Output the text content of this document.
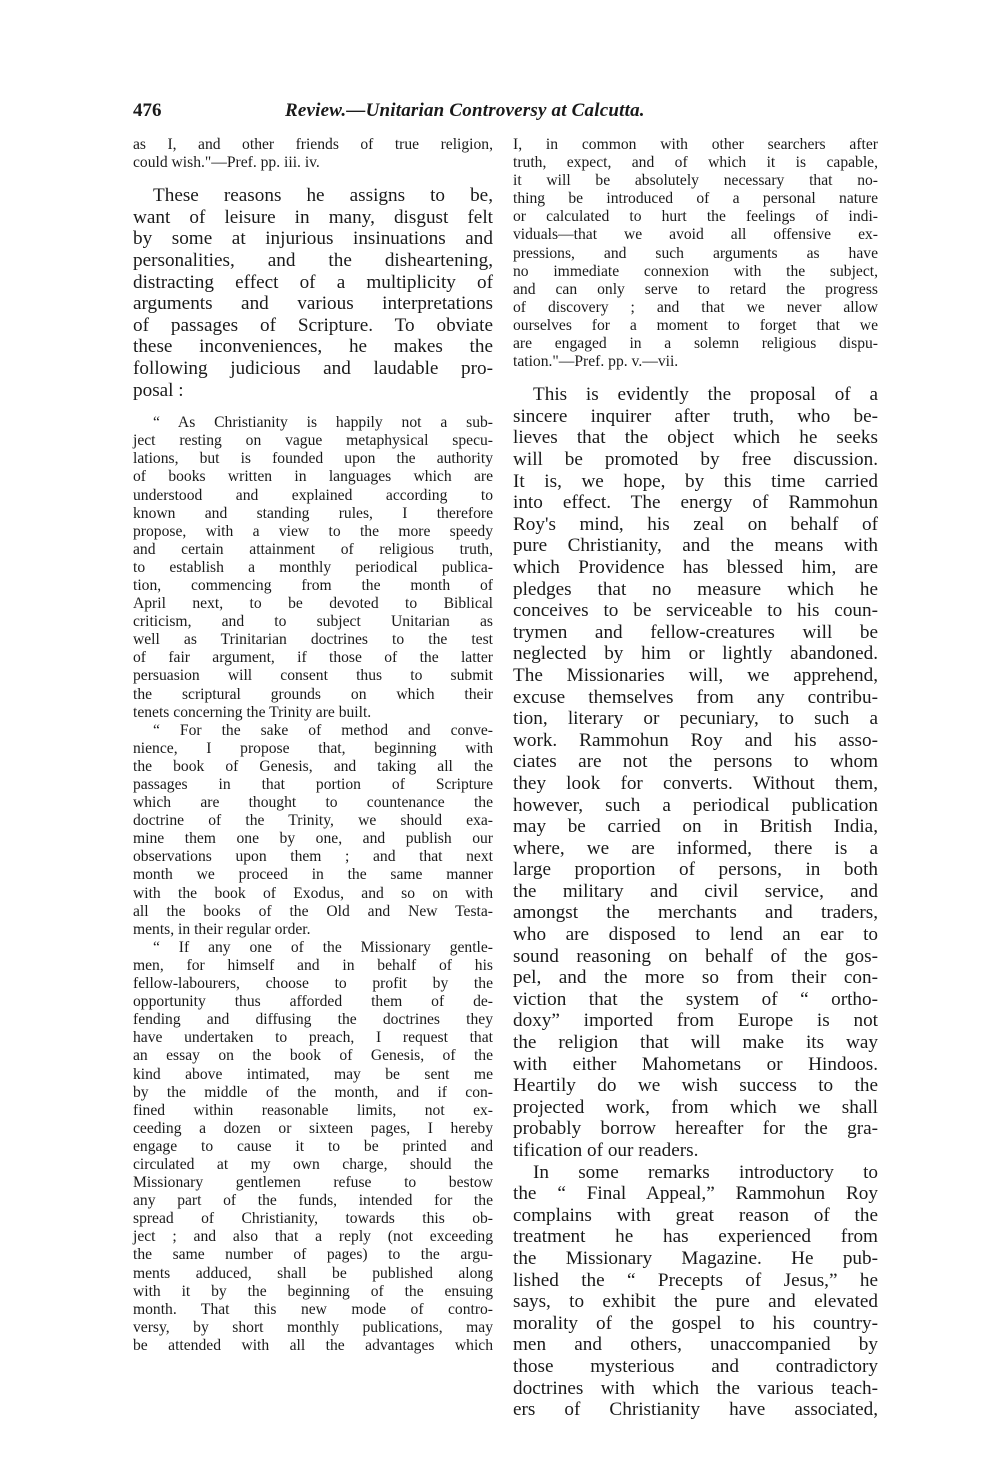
476	Review.—Unitarian Controversy at Calcutta.

as I, and other friends of true religion,
could wish."—Pref. pp. iii. iv.

These reasons he assigns to be,
want of leisure in many, disgust felt
by some at injurious insinuations and
personalities, and the disheartening,
distracting effect of a multiplicity of
arguments and various interpretations
of passages of Scripture. To obviate
these inconveniences, he makes the
following judicious and laudable pro-
posal :

“ As Christianity is happily not a sub-
ject resting on vague metaphysical specu-
lations, but is founded upon the authority
of books written in languages which are
understood and explained according to
known and standing rules, I therefore
propose, with a view to the more speedy
and certain attainment of religious truth,
to establish a monthly periodical publica-
tion, commencing from the month of
April next, to be devoted to Biblical
criticism, and to subject Unitarian as
well as Trinitarian doctrines to the test
of fair argument, if those of the latter
persuasion will consent thus to submit
the scriptural grounds on which their
tenets concerning the Trinity are built.

“ For the sake of method and conve-
nience, I propose that, beginning with
the book of Genesis, and taking all the
passages in that portion of Scripture
which are thought to countenance the
doctrine of the Trinity, we should exa-
mine them one by one, and publish our
observations upon them ; and that next
month we proceed in the same manner
with the book of Exodus, and so on with
all the books of the Old and New Testa-
ments, in their regular order.

“ If any one of the Missionary gentle-
men, for himself and in behalf of his
fellow-labourers, choose to profit by the
opportunity thus afforded them of de-
fending and diffusing the doctrines they
have undertaken to preach, I request that
an essay on the book of Genesis, of the
kind above intimated, may be sent me
by the middle of the month, and if con-
fined within reasonable limits, not ex-
ceeding a dozen or sixteen pages, I hereby
engage to cause it to be printed and
circulated at my own charge, should the
Missionary gentlemen refuse to bestow
any part of the funds, intended for the
spread of Christianity, towards this ob-
ject ; and also that a reply (not exceeding
the same number of pages) to the argu-
ments adduced, shall be published along
with it by the beginning of the ensuing
month. That this new mode of contro-
versy, by short monthly publications, may
be attended with all the advantages which

I, in common with other searchers after
truth, expect, and of which it is capable,
it will be absolutely necessary that no-
thing be introduced of a personal nature
or calculated to hurt the feelings of indi-
viduals—that we avoid all offensive ex-
pressions, and such arguments as have
no immediate connexion with the subject,
and can only serve to retard the progress
of discovery ; and that we never allow
ourselves for a moment to forget that we
are engaged in a solemn religious dispu-
tation."—Pref. pp. v.—vii.

This is evidently the proposal of a
sincere inquirer after truth, who be-
lieves that the object which he seeks
will be promoted by free discussion.
It is, we hope, by this time carried
into effect. The energy of Rammohun
Roy's mind, his zeal on behalf of
pure Christianity, and the means with
which Providence has blessed him, are
pledges that no measure which he
conceives to be serviceable to his coun-
trymen and fellow-creatures will be
neglected by him or lightly abandoned.
The Missionaries will, we apprehend,
excuse themselves from any contribu-
tion, literary or pecuniary, to such a
work. Rammohun Roy and his asso-
ciates are not the persons to whom
they look for converts. Without them,
however, such a periodical publication
may be carried on in British India,
where, we are informed, there is a
large proportion of persons, in both
the military and civil service, and
amongst the merchants and traders,
who are disposed to lend an ear to
sound reasoning on behalf of the gos-
pel, and the more so from their con-
viction that the system of “ ortho-
doxy” imported from Europe is not
the religion that will make its way
with either Mahometans or Hindoos.
Heartily do we wish success to the
projected work, from which we shall
probably borrow hereafter for the gra-
tification of our readers.

In some remarks introductory to
the “ Final Appeal,” Rammohun Roy
complains with great reason of the
treatment he has experienced from
the Missionary Magazine. He pub-
lished the “ Precepts of Jesus,” he
says, to exhibit the pure and elevated
morality of the gospel to his country-
men and others, unaccompanied by
those mysterious and contradictory
doctrines with which the various teach-
ers of Christianity have associated,
